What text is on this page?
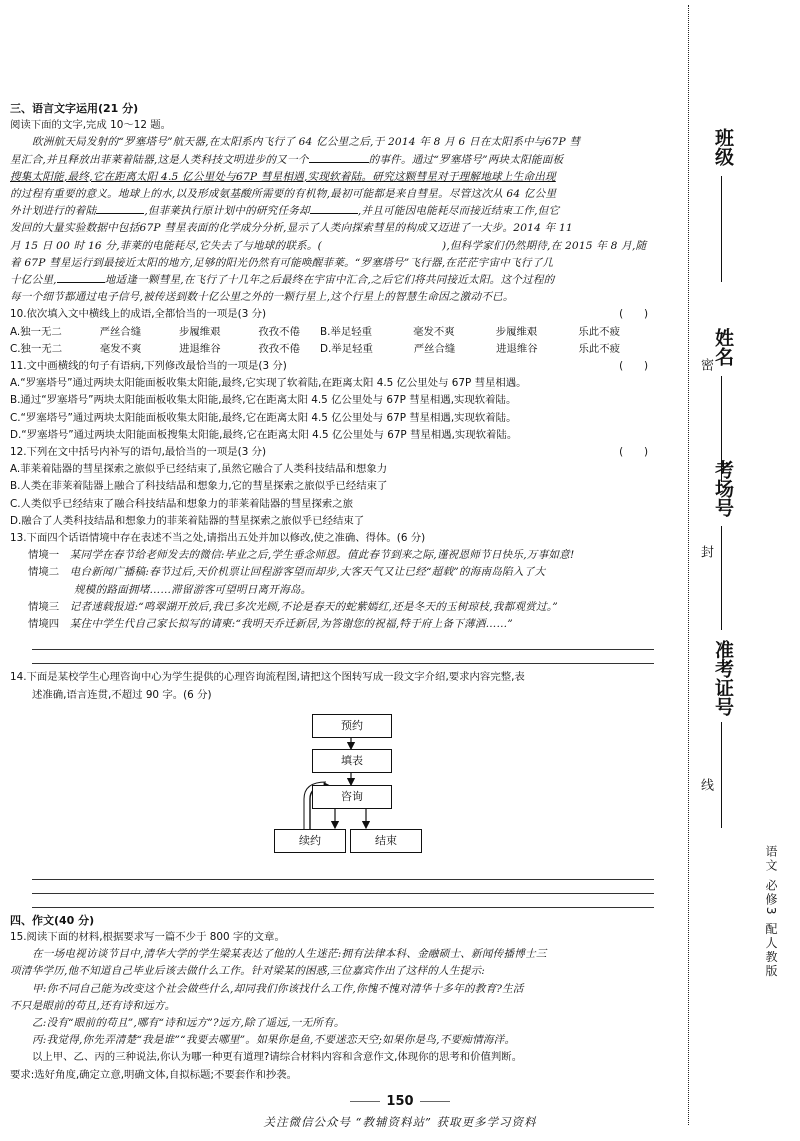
三、语言文字运用(21 分)
阅读下面的文字,完成 10～12 题。
欧洲航天局发射的“罗塞塔号”航天器,在太阳系内飞行了 64 亿公里之后,于 2014 年 8 月 6 日在太阳系中与67P 彗
星汇合,并且释放出菲莱着陆器,这是人类科技文明进步的又一个	的事件。通过“罗塞塔号”两块太阳能面板
搜集太阳能,最终,它在距离太阳 4.5 亿公里处与67P 彗星相遇,实现软着陆。研究这颗彗星对于理解地球上生命出现
的过程有重要的意义。地球上的水,以及形成氨基酸所需要的有机物,最初可能都是来自彗星。尽管这次从 64 亿公里
外计划进行的着陆	,但菲莱执行原计划中的研究任务却	,并且可能因电能耗尽而接近结束工作,但它
发回的大量实验数据中包括67P 彗星表面的化学成分分析,显示了人类向探索彗星的构成又迈进了一大步。2014 年 11
月 15 日 00 时 16 分,菲莱的电能耗尽,它失去了与地球的联系。(	),但科学家们仍然期待,在 2015 年 8 月,随
着 67P 彗星运行到最接近太阳的地方,足够的阳光仍然有可能唤醒菲莱。“罗塞塔号”飞行器,在茫茫宇宙中飞行了几
十亿公里,	地适逢一颗彗星,在飞行了十几年之后最终在宇宙中汇合,之后它们将共同接近太阳。这个过程的
每一个细节都通过电子信号,被传送到数十亿公里之外的一颗行星上,这个行星上的智慧生命因之激动不已。
10.依次填入文中横线上的成语,全都恰当的一项是(3 分)	(　　)
A.独一无二	严丝合缝	步履维艰	孜孜不倦 B.举足轻重	毫发不爽	步履维艰	乐此不疲
C.独一无二	毫发不爽	进退维谷	孜孜不倦 D.举足轻重	严丝合缝	进退维谷	乐此不疲
11.文中画横线的句子有语病,下列修改最恰当的一项是(3 分)	(　　)
A.“罗塞塔号”通过两块太阳能面板收集太阳能,最终,它实现了软着陆,在距离太阳 4.5 亿公里处与 67P 彗星相遇。
B.通过“罗塞塔号”两块太阳能面板收集太阳能,最终,它在距离太阳 4.5 亿公里处与 67P 彗星相遇,实现软着陆。
C.“罗塞塔号”通过两块太阳能面板收集太阳能,最终,它在距离太阳 4.5 亿公里处与 67P 彗星相遇,实现软着陆。
D.“罗塞塔号”通过两块太阳能面板搜集太阳能,最终,它在距离太阳 4.5 亿公里处与 67P 彗星相遇,实现软着陆。
12.下列在文中括号内补写的语句,最恰当的一项是(3 分)	(　　)
A.菲莱着陆器的彗星探索之旅似乎已经结束了,虽然它融合了人类科技结晶和想象力
B.人类在菲莱着陆器上融合了科技结晶和想象力,它的彗星探索之旅似乎已经结束了
C.人类似乎已经结束了融合科技结晶和想象力的菲莱着陆器的彗星探索之旅
D.融合了人类科技结晶和想象力的菲莱着陆器的彗星探索之旅似乎已经结束了
13.下面四个话语情境中存在表述不当之处,请指出五处并加以修改,使之准确、得体。(6 分)
情境一　 某同学在春节给老师发去的微信:毕业之后,学生垂念师恩。值此春节到来之际,谨祝恩师节日快乐,万事如意!
情境二　 电台新闻广播稿:春节过后,天价机票让回程游客望而却步,大客天气又让已经“超载”的海南岛陷入了大
规模的路面拥堵……滞留游客可望明日离开海岛。
情境三　 记者速载报道:“鸣翠湖开放后,我已多次光顾,不论是春天的蛇紫嫣红,还是冬天的玉树琼枝,我都观赏过。”
情境四　 某住中学生代自己家长拟写的请柬:“我明天乔迁新居,为答谢您的祝福,特于府上备下薄酒……”
14.下面是某校学生心理咨询中心为学生提供的心理咨询流程图,请把这个图转写成一段文字介绍,要求内容完整,表
述准确,语言连贯,不超过 90 字。(6 分)
预约
填表
咨询
续约	结束
四、作文(40 分)
15.阅读下面的材料,根据要求写一篇不少于 800 字的文章。
在一场电视访谈节目中,清华大学的学生梁某表达了他的人生迷茫:拥有法律本科、金融硕士、新闻传播博士三
项清华学历,他不知道自己毕业后该去做什么工作。针对梁某的困惑,三位嘉宾作出了这样的人生提示:
甲:你不同自己能为改变这个社会做些什么,却同我们你该找什么工作,你愧不愧对清华十多年的教育?生活
不只是眼前的苟且,还有诗和远方。
乙:没有“眼前的苟且”,哪有“诗和远方”?远方,除了遥远,一无所有。
丙:我觉得,你先弄清楚“我是谁”“我要去哪里”。如果你是鱼,不要迷恋天空;如果你是鸟,不要痴情海洋。
以上甲、乙、丙的三种说法,你认为哪一种更有道理?请综合材料内容和含意作文,体现你的思考和价值判断。
要求:选好角度,确定立意,明确文体,自拟标题;不要套作和抄袭。
150
关注微信公众号 “教辅资料站” 获取更多学习资料
密
封
线
班级
姓名
考场号
准考证号
语文 必修3 配人教版
